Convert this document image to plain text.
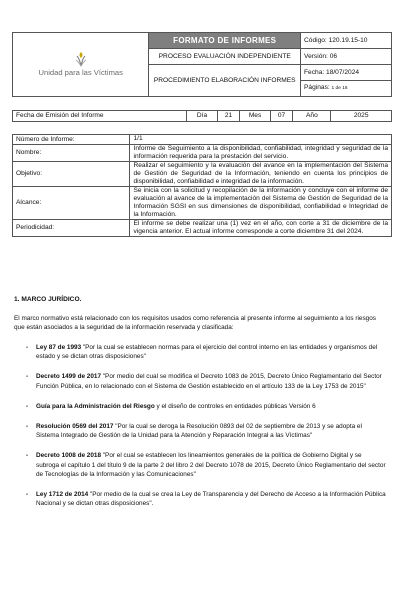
Unidad para las Víctimas	FORMATO DE INFORMES	Código: 120.19.15-10
	PROCESO EVALUACIÓN INDEPENDIENTE	Versión: 06
	PROCEDIMIENTO ELABORACIÓN INFORMES	Fecha: 18/07/2024
		Páginas: 1 de 16
Fecha de Emisión del Informe	Día	21	Mes	07	Año	2025
Número de Informe:	1/1
Nombre:	Informe de Seguimiento a la disponibilidad, confiabilidad, integridad y seguridad de la información requerida para la prestación del servicio.
Objetivo:	Realizar el seguimiento y la evaluación del avance en la implementación del Sistema de Gestión de Seguridad de la Información, teniendo en cuenta los principios de disponibilidad, confiabilidad e integridad de la información.
Alcance:	Se inicia con la solicitud y recopilación de la información y concluye con el informe de evaluación al avance de la implementación del Sistema de Gestión de Seguridad de la Información SGSI en sus dimensiones de disponibilidad, confiabilidad e Integridad de la Información.
Periodicidad:	El informe se debe realizar una (1) vez en el año, con corte a 31 de diciembre de la vigencia anterior. El actual informe corresponde a corte diciembre 31 del 2024.
1. MARCO JURÍDICO.
El marco normativo está relacionado con los requisitos usados como referencia al presente informe al seguimiento a los riesgos que están asociados a la seguridad de la información reservada y clasificada:
- Ley 87 de 1993 "Por la cual se establecen normas para el ejercicio del control interno en las entidades y organismos del estado y se dictan otras disposiciones"
- Decreto 1499 de 2017 "Por medio del cual se modifica el Decreto 1083 de 2015, Decreto Único Reglamentario del Sector Función Pública, en lo relacionado con el Sistema de Gestión establecido en el artículo 133 de la Ley 1753 de 2015"
- Guía para la Administración del Riesgo y el diseño de controles en entidades públicas Versión 6
- Resolución 0569 del 2017 "Por la cual se deroga la Resolución 0893 del 02 de septiembre de 2013 y se adopta el Sistema Integrado de Gestión de la Unidad para la Atención y Reparación Integral a las Víctimas"
- Decreto 1008 de 2018 "Por el cual se establecen los lineamientos generales de la política de Gobierno Digital y se subroga el capítulo 1 del título 9 de la parte 2 del libro 2 del Decreto 1078 de 2015, Decreto Único Reglamentario del sector de Tecnologías de la Información y las Comunicaciones"
- Ley 1712 de 2014 "Por medio de la cual se crea la Ley de Transparencia y del Derecho de Acceso a la Información Pública Nacional y se dictan otras disposiciones".
